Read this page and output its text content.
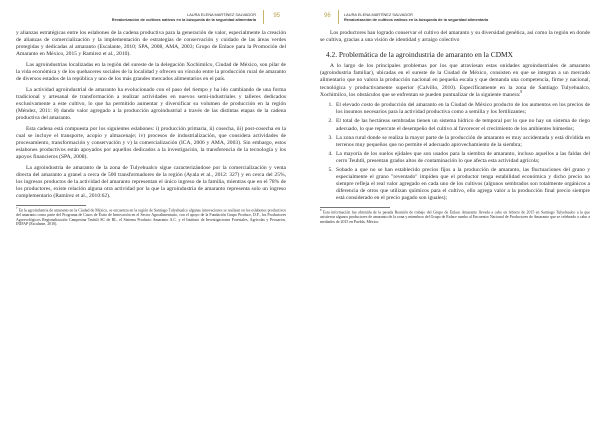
LAURA ELENA MARTÍNEZ SALVADOR
Revalorización de cultivos nativos en la búsqueda de la seguridad alimentaria
95

y alianzas estratégicas entre los eslabones de la cadena productiva para la generación de valor, especialmente la creación de alianzas de comercialización y la implementación de estrategias de conservación y cuidado de las áreas verdes protegidas y dedicadas al amaranto (Escalante, 2010; SPA, 2008, AMA, 2003; Grupo de Enlace para la Promoción del Amaranto en México, 2015 y Ramírez et al., 2010).

Las agroindustrias localizadas en la región del sureste de la delegación Xochimilco, Ciudad de México, son pilar de la vida económica y de los quehaceres sociales de la localidad y ofrecen un vínculo entre la producción rural de amaranto de diversos estados de la república y uno de los más grandes mercados alimentarios en el país.

La actividad agroindustrial de amaranto ha evolucionado con el paso del tiempo y ha ido cambiando de una forma tradicional y artesanal de transformación a realizar actividades en nuevos semi-industriales y talleres dedicados exclusivamente a este cultivo, lo que ha permitido aumentar y diversificar su volumen de producción en la región (Méndez, 2011: 8) dando valor agregado a la producción agroindustrial a través de las distintas etapas de la cadena productiva del amaranto.

Esta cadena está compuesta por los siguientes eslabones: i) producción primaria, ii) cosecha, iii) post-cosecha en la cual se incluye el transporte, acopio y almacenaje; iv) procesos de industrialización, que considera actividades de procesamiento, transformación y conservación y v) la comercialización (ICA, 2006 y AMA, 2003). Sin embargo, estos eslabones productivos están apoyados por aquellos dedicados a la investigación, la transferencia de la tecnología y los apoyos financieros (SPA, 2008).

La agroindustria de amaranto de la zona de Tulyehualco sigue caracterizándose por la comercialización y venta directa del amaranto a granel a cerca de 500 transformadores de la región (Ayala et al., 2012: 327) y en cerca del 25%, los ingresos productos de la actividad del amaranto representan el único ingreso de la familia, mientras que en el 78% de los productores, existe relación alguna otra actividad por la que la agroindustria de amaranto representa solo un ingreso complementario (Ramírez et al., 2010:62).

$^7$ En la agroindustria de amaranto en la Ciudad de México, se encuentra en la región de Santiago Tulyehualco algunas innovaciones se realizan en los eslabones productivos del amaranto como parte del Programa de Casos de Éxito de Innovación en el Sector Agroalimentario, con el apoyo de la Fundación Grupo Produce, D.F., los Productores Agroecológicos Regionalización Campesina Teuhtli SC de RL, el Sistema Producto Amaranto A.C. y el Instituto de Investigaciones Forestales, Agrícolas y Pecuarios, INIFAP (Escalante, 2010).
96	LAURA ELENA MARTÍNEZ SALVADOR
Revalorización de cultivos nativos en la búsqueda de la seguridad alimentaria

Los productores han logrado conservar el cultivo del amaranto y su diversidad genética, así como la región en donde se cultiva, gracias a una visión de identidad y arraigo colectivo

4.2. Problemática de la agroindustria de amaranto en la CDMX

A lo largo de los principales problemas por los que atraviesan estas unidades agroindustriales de amaranto (agroindustria familiar), ubicadas en el sureste de la Ciudad de México, consisten en que se integran a un mercado alimentario que no valora la producción nacional en pequeña escala y que demanda una competencia, firme y nacional, tecnológica y productivamente superior (Calvillo, 2010). Específicamente en la zona de Santiago Tulyehualco, Xochimilco, los obstáculos que se enfrentan se pueden puntualizar de la siguiente manera:$^8$

1. El elevado costo de producción del amaranto en la Ciudad de México producto de los aumentos en los precios de los insumos necesarios para la actividad productiva como a semilla y los fertilizantes;
2. El total de las hectáreas sembradas tienen un sistema hídrico de temporal por lo que no hay un sistema de riego adecuado, lo que repercute el desempeño del cultivo al favorecer el crecimiento de los ambientes húmedos;
3. La zona rural donde se realiza la mayor parte de la producción de amaranto es muy accidentada y está dividida en terrenos muy pequeños que no permite el adecuado aprovechamiento de la siembra;
4. La mayoría de los suelos ejidales que son usados para la siembra de amaranto, incluso aquellos a las faldas del cerro Teuhtli, presentan grados altos de contaminación lo que afecta esta actividad agrícola;
5. Sobado a que no se han establecido precios fijos a la producción de amaranto, las fluctuaciones del grano y especialmente el grano "reventado" impiden que el productor tenga estabilidad económica y dicho precio no siempre refleja el real valor agregado en cada uno de los cultivos (algunos sembrados son totalmente orgánicos a diferencia de otros que utilizan químicos para el cultivo, ello agrega valor a la producción final precio siempre está considerado en el precio pagado son iguales);
$^8$ Esta información fue obtenida de la pasada Reunión de trabajo del Grupo de Enlace Amaranto llevada a cabo en febrero de 2015 en Santiago Tulyehualco a la que asistieron algunos productores de amaranto de la zona y miembros del Grupo de Enlace rumbo al Encuentro Nacional de Productores de Amaranto que se celebrado a cabo a mediados de 2015 en Puebla, México.
